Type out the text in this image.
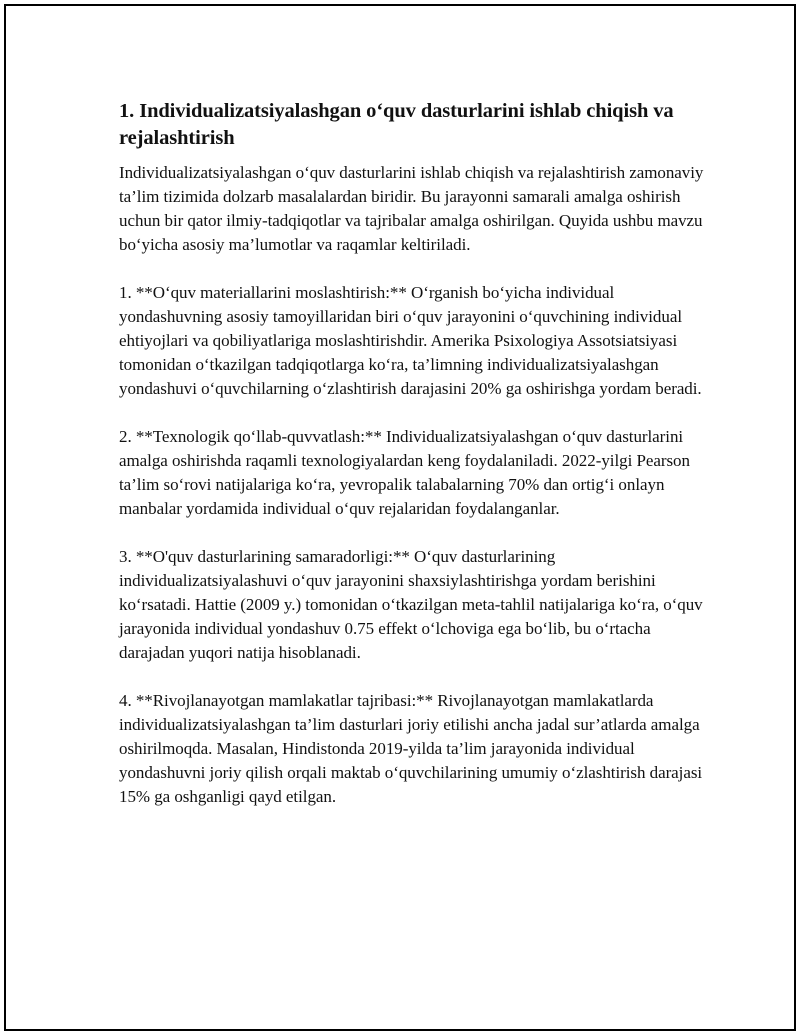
1. Individualizatsiyalashgan o‘quv dasturlarini ishlab chiqish va rejalashtirish

Individualizatsiyalashgan o‘quv dasturlarini ishlab chiqish va rejalashtirish zamonaviy ta’lim tizimida dolzarb masalalardan biridir. Bu jarayonni samarali amalga oshirish uchun bir qator ilmiy-tadqiqotlar va tajribalar amalga oshirilgan. Quyida ushbu mavzu bo‘yicha asosiy ma’lumotlar va raqamlar keltiriladi.

1. **O‘quv materiallarini moslashtirish:** O‘rganish bo‘yicha individual yondashuvning asosiy tamoyillaridan biri o‘quv jarayonini o‘quvchining individual ehtiyojlari va qobiliyatlariga moslashtirishdir. Amerika Psixologiya Assotsiatsiyasi tomonidan o‘tkazilgan tadqiqotlarga ko‘ra, ta’limning individualizatsiyalashgan yondashuvi o‘quvchilarning o‘zlashtirish darajasini 20% ga oshirishga yordam beradi.

2. **Texnologik qo‘llab-quvvatlash:** Individualizatsiyalashgan o‘quv dasturlarini amalga oshirishda raqamli texnologiyalardan keng foydalaniladi. 2022-yilgi Pearson ta’lim so‘rovi natijalariga ko‘ra, yevropalik talabalarning 70% dan ortig‘i onlayn manbalar yordamida individual o‘quv rejalaridan foydalanganlar.

3. **O'quv dasturlarining samaradorligi:** O‘quv dasturlarining individualizatsiyalashuvi o‘quv jarayonini shaxsiylashtirishga yordam berishini ko‘rsatadi. Hattie (2009 y.) tomonidan o‘tkazilgan meta-tahlil natijalariga ko‘ra, o‘quv jarayonida individual yondashuv 0.75 effekt o‘lchoviga ega bo‘lib, bu o‘rtacha darajadan yuqori natija hisoblanadi.

4. **Rivojlanayotgan mamlakatlar tajribasi:** Rivojlanayotgan mamlakatlarda individualizatsiyalashgan ta’lim dasturlari joriy etilishi ancha jadal sur’atlarda amalga oshirilmoqda. Masalan, Hindistonda 2019-yilda ta’lim jarayonida individual yondashuvni joriy qilish orqali maktab o‘quvchilarining umumiy o‘zlashtirish darajasi 15% ga oshganligi qayd etilgan.
